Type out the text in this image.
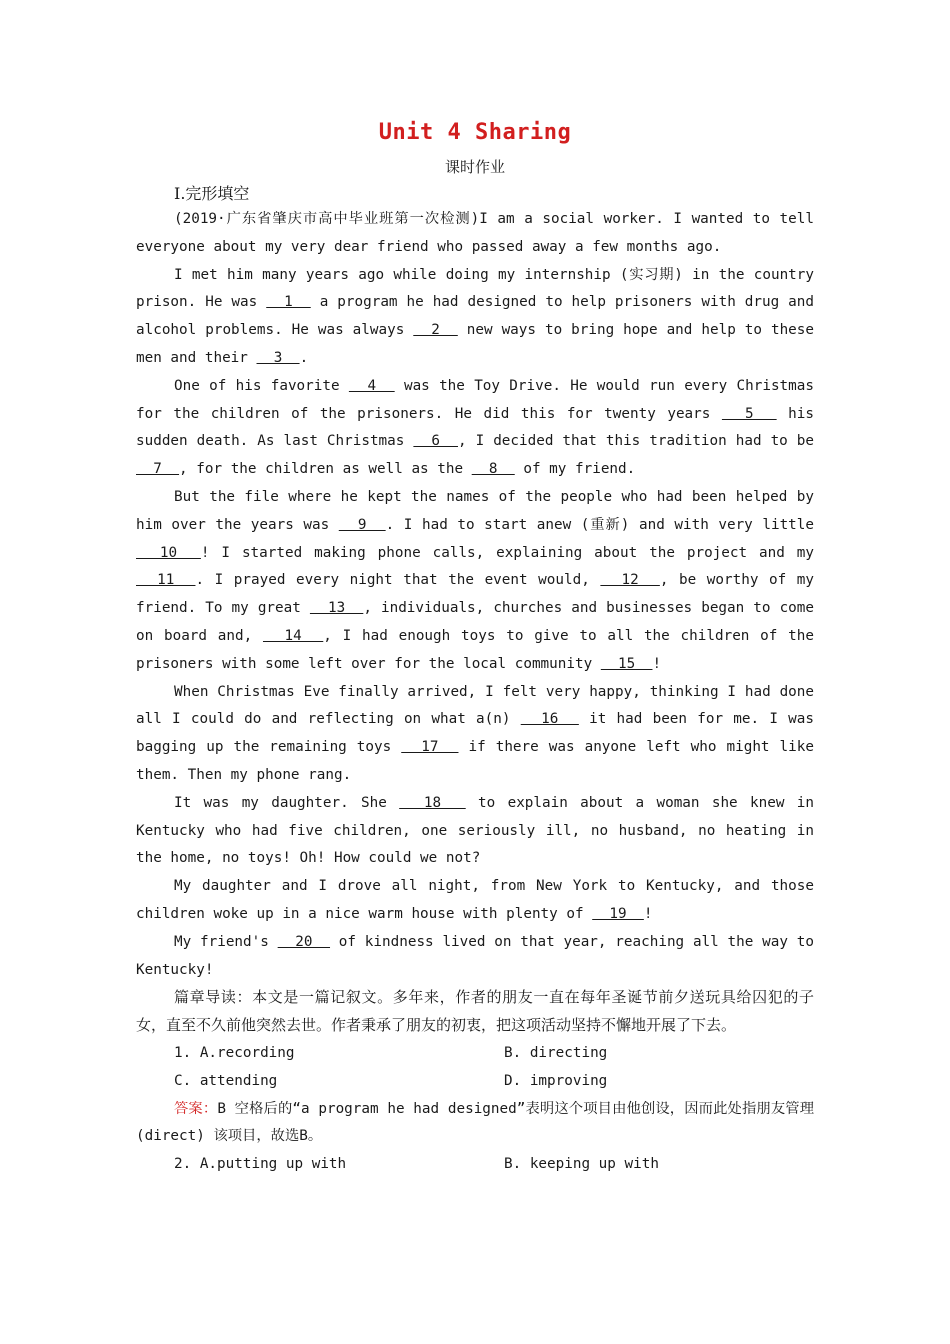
Unit 4 Sharing
课时作业
Ⅰ.完形填空

(2019·广东省肇庆市高中毕业班第一次检测)I am a social worker. I wanted to tell everyone about my very dear friend who passed away a few months ago.

I met him many years ago while doing my internship (实习期) in the country prison. He was   1   a program he had designed to help prisoners with drug and alcohol problems. He was always   2   new ways to bring hope and help to these men and their   3  .

One of his favorite   4   was the Toy Drive. He would run every Christmas for the children of the prisoners. He did this for twenty years   5   his sudden death. As last Christmas   6  , I decided that this tradition had to be   7  , for the children as well as the   8   of my friend.

But the file where he kept the names of the people who had been helped by him over the years was   9  . I had to start anew (重新) and with very little   10  ! I started making phone calls, explaining about the project and my   11  . I prayed every night that the event would,   12  , be worthy of my friend. To my great   13  , individuals, churches and businesses began to come on board and,   14  , I had enough toys to give to all the children of the prisoners with some left over for the local community   15  !

When Christmas Eve finally arrived, I felt very happy, thinking I had done all I could do and reflecting on what a(n)   16   it had been for me. I was bagging up the remaining toys   17   if there was anyone left who might like them. Then my phone rang.

It was my daughter. She   18   to explain about a woman she knew in Kentucky who had five children, one seriously ill, no husband, no heating in the home, no toys! Oh! How could we not?

My daughter and I drove all night, from New York to Kentucky, and those children woke up in a nice warm house with plenty of   19  !

My friend's   20   of kindness lived on that year, reaching all the way to Kentucky!

篇章导读：本文是一篇记叙文。多年来，作者的朋友一直在每年圣诞节前夕送玩具给囚犯的子女，直至不久前他突然去世。作者秉承了朋友的初衷，把这项活动坚持不懈地开展了下去。

1. A.recording	B. directing
C. attending	D. improving

答案：B 空格后的“a program he had designed”表明这个项目由他创设，因而此处指朋友管理 (direct) 该项目，故选B。

2. A.putting up with	B. keeping up with
